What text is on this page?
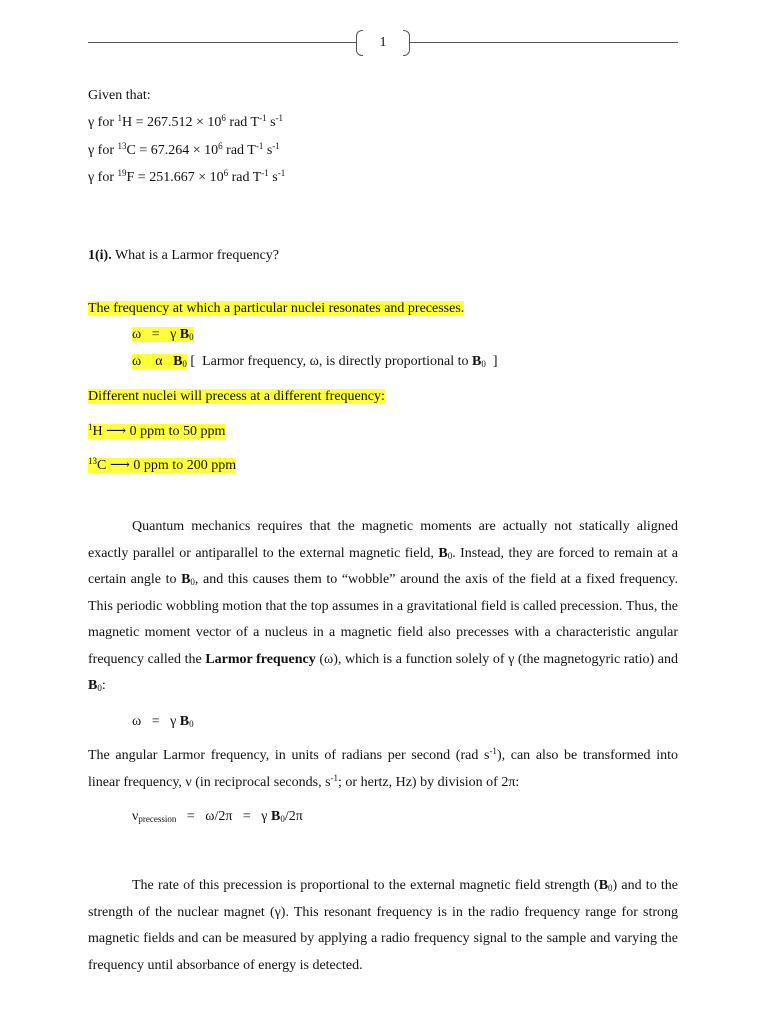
1
Given that:
γ for $^1H = 267.512 \times 10^6$ rad $T^{-1}$ $s^{-1}$
γ for $^{13}C = 67.264 \times 10^6$ rad $T^{-1}$ $s^{-1}$
γ for $^{19}F = 251.667 \times 10^6$ rad $T^{-1}$ $s^{-1}$
1(i). What is a Larmor frequency?
The frequency at which a particular nuclei resonates and precesses.
ω   =   γ $B_0$
ω    α   $B_0$ [  Larmor frequency, ω, is directly proportional to $B_0$  ]
Different nuclei will precess at a different frequency:
$^1$H ⟶ 0 ppm to 50 ppm
$^{13}$C ⟶ 0 ppm to 200 ppm
Quantum mechanics requires that the magnetic moments are actually not statically aligned exactly parallel or antiparallel to the external magnetic field, $B_0$. Instead, they are forced to remain at a certain angle to $B_0$, and this causes them to “wobble” around the axis of the field at a fixed frequency. This periodic wobbling motion that the top assumes in a gravitational field is called precession. Thus, the magnetic moment vector of a nucleus in a magnetic field also precesses with a characteristic angular frequency called the Larmor frequency (ω), which is a function solely of γ (the magnetogyric ratio) and $B_0$:
ω   =   γ $B_0$
The angular Larmor frequency, in units of radians per second (rad $s^{-1}$), can also be transformed into linear frequency, ν (in reciprocal seconds, $s^{-1}$; or hertz, Hz) by division of 2π:
νprecession   =   ω/2π   =   γ $B_0/2\pi$
The rate of this precession is proportional to the external magnetic field strength $(B_0)$ and to the strength of the nuclear magnet (γ). This resonant frequency is in the radio frequency range for strong magnetic fields and can be measured by applying a radio frequency signal to the sample and varying the frequency until absorbance of energy is detected.
